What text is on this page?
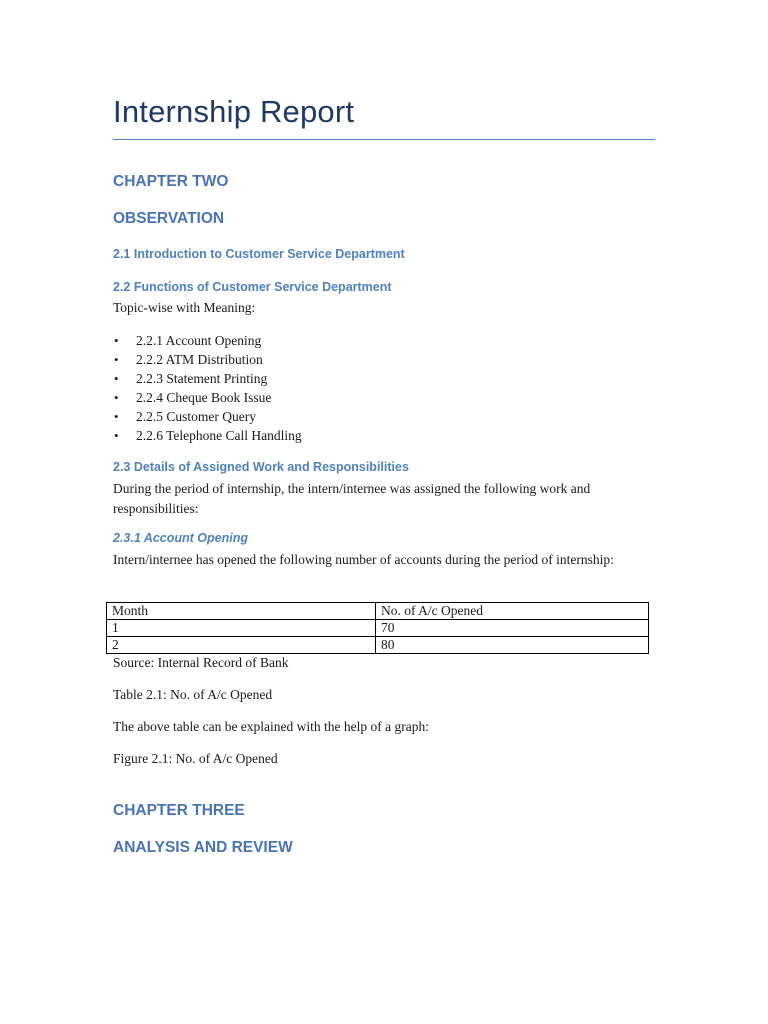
Internship Report
CHAPTER TWO
OBSERVATION
2.1 Introduction to Customer Service Department
2.2 Functions of Customer Service Department
Topic-wise with Meaning:
• 2.2.1 Account Opening
• 2.2.2 ATM Distribution
• 2.2.3 Statement Printing
• 2.2.4 Cheque Book Issue
• 2.2.5 Customer Query
• 2.2.6 Telephone Call Handling
2.3 Details of Assigned Work and Responsibilities
During the period of internship, the intern/internee was assigned the following work and responsibilities:
2.3.1 Account Opening
Intern/internee has opened the following number of accounts during the period of internship:
Month	No. of A/c Opened
1	70
2	80
Source: Internal Record of Bank
Table 2.1: No. of A/c Opened
The above table can be explained with the help of a graph:
Figure 2.1: No. of A/c Opened
CHAPTER THREE
ANALYSIS AND REVIEW
